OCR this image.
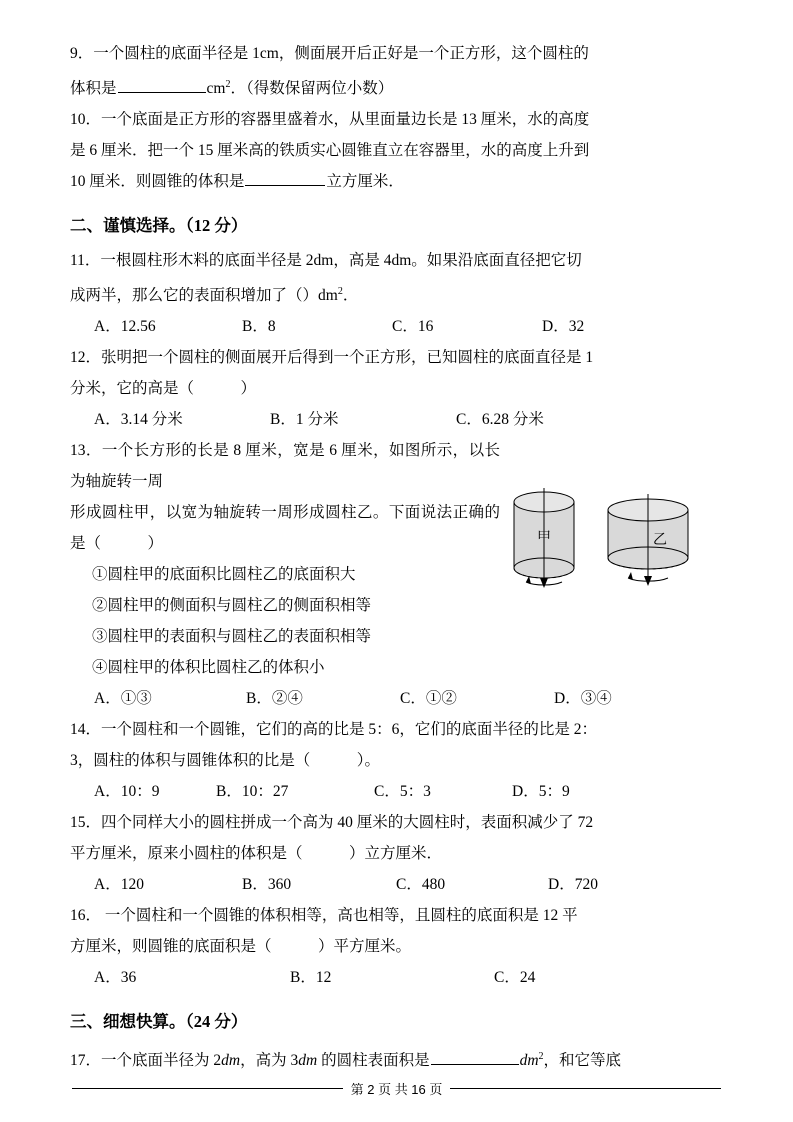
9．一个圆柱的底面半径是 1cm，侧面展开后正好是一个正方形，这个圆柱的
体积是	$cm^2$．（得数保留两位小数）
10．一个底面是正方形的容器里盛着水，从里面量边长是 13 厘米，水的高度
是 6 厘米．把一个 15 厘米高的铁质实心圆锥直立在容器里，水的高度上升到
10 厘米．则圆锥的体积是	立方厘米．
二、谨慎选择。（12 分）
11．一根圆柱形木料的底面半径是 2dm，高是 4dm。如果沿底面直径把它切
成两半，那么它的表面积增加了$()dm^2$．
A．12.56	B．8	C．16	D．32
12．张明把一个圆柱的侧面展开后得到一个正方形，已知圆柱的底面直径是 1
分米，它的高是（　　　）
A．3.14 分米	B．1 分米	C．6.28 分米
13．一个长方形的长是 8 厘米，宽是 6 厘米，如图所示，以长为轴旋转一周
形成圆柱甲，以宽为轴旋转一周形成圆柱乙。下面说法正确的是（　　　）
①圆柱甲的底面积比圆柱乙的底面积大
②圆柱甲的侧面积与圆柱乙的侧面积相等
③圆柱甲的表面积与圆柱乙的表面积相等
④圆柱甲的体积比圆柱乙的体积小
A．①③	B．②④	C．①②	D．③④
甲	乙
14．一个圆柱和一个圆锥，它们的高的比是 5：6，它们的底面半径的比是 2：
3，圆柱的体积与圆锥体积的比是（　　　）。
A．10：9	B．10：27	C．5：3	D．5：9
15．四个同样大小的圆柱拼成一个高为 40 厘米的大圆柱时，表面积减少了 72
平方厘米，原来小圆柱的体积是（　　　）立方厘米．
A．120	B．360	C．480	D．720
16． 一个圆柱和一个圆锥的体积相等，高也相等，且圆柱的底面积是 12 平
方厘米，则圆锥的底面积是（　　　）平方厘米。
A．36	B．12	C．24
三、细想快算。（24 分）
17．一个底面半径为 2dm，高为 3dm 的圆柱表面积是	$dm^2$，和它等底
第 2 页 共 16 页
